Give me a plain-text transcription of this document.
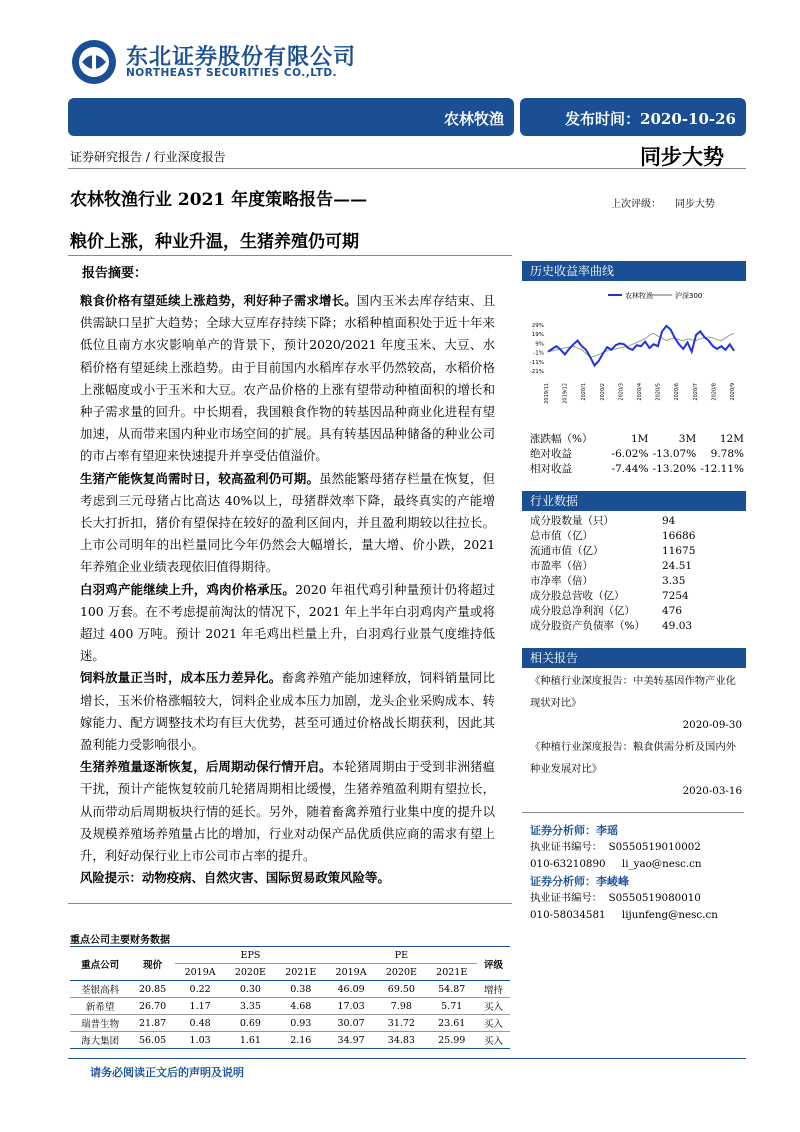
东北证券股份有限公司
NORTHEAST SECURITIES CO.,LTD.
农林牧渔	发布时间：2020-10-26
证券研究报告 / 行业深度报告	同步大势
农林牧渔行业 2021 年度策略报告——
粮价上涨，种业升温，生猪养殖仍可期
上次评级： 同步大势
报告摘要：

粮食价格有望延续上涨趋势，利好种子需求增长。国内玉米去库存结束、且供需缺口呈扩大趋势；全球大豆库存持续下降；水稻种植面积处于近十年来低位且南方水灾影响单产的背景下，预计2020/2021 年度玉米、大豆、水稻价格有望延续上涨趋势。由于目前国内水稻库存水平仍然较高，水稻价格上涨幅度或小于玉米和大豆。农产品价格的上涨有望带动种植面积的增长和种子需求量的回升。中长期看，我国粮食作物的转基因品种商业化进程有望加速，从而带来国内种业市场空间的扩展。具有转基因品种储备的种业公司的市占率有望迎来快速提升并享受估值溢价。

生猪产能恢复尚需时日，较高盈利仍可期。虽然能繁母猪存栏量在恢复，但考虑到三元母猪占比高达 40%以上，母猪群效率下降，最终真实的产能增长大打折扣，猪价有望保持在较好的盈利区间内，并且盈利期较以往拉长。上市公司明年的出栏量同比今年仍然会大幅增长，量大增、价小跌，2021 年养殖企业业绩表现依旧值得期待。

白羽鸡产能继续上升，鸡肉价格承压。2020 年祖代鸡引种量预计仍将超过 100 万套。在不考虑提前淘汰的情况下，2021 年上半年白羽鸡肉产量或将超过 400 万吨。预计 2021 年毛鸡出栏量上升，白羽鸡行业景气度维持低迷。

饲料放量正当时，成本压力差异化。畜禽养殖产能加速释放，饲料销量同比增长，玉米价格涨幅较大，饲料企业成本压力加剧，龙头企业采购成本、转嫁能力、配方调整技术均有巨大优势，甚至可通过价格战长期获利，因此其盈利能力受影响很小。

生猪养殖量逐渐恢复，后周期动保行情开启。本轮猪周期由于受到非洲猪瘟干扰，预计产能恢复较前几轮猪周期相比缓慢，生猪养殖盈利期有望拉长，从而带动后周期板块行情的延长。另外，随着畜禽养殖行业集中度的提升以及规模养殖场养殖量占比的增加，行业对动保产品优质供应商的需求有望上升，利好动保行业上市公司市占率的提升。

风险提示：动物疫病、自然灾害、国际贸易政策风险等。

历史收益率曲线
农林牧渔	沪深300
29%
19%
9%
-1%
-11%
-21%
2019/11	2019/12	2020/1	2020/2	2020/3	2020/4	2020/5	2020/6	2020/7	2020/8	2020/9
涨跌幅（%）	1M	3M	12M
绝对收益	-6.02%	-13.07%	9.78%
相对收益	-7.44%	-13.20%	-12.11%
行业数据
成分股数量（只）	94
总市值（亿）	16686
流通市值（亿）	11675
市盈率（倍）	24.51
市净率（倍）	3.35
成分股总营收（亿）	7254
成分股总净利润（亿）	476
成分股资产负债率（%）	49.03
相关报告
《种植行业深度报告：中美转基因作物产业化现状对比》
2020-09-30
《种植行业深度报告：粮食供需分析及国内外种业发展对比》
2020-03-16
证券分析师：李瑶
执业证书编号： S0550519010002
010-63210890 li_yao@nesc.cn
证券分析师：李崚峰
执业证书编号： S0550519080010
010-58034581 lijunfeng@nesc.cn
重点公司主要财务数据
重点公司	现价	EPS			PE			评级
		2019A	2020E	2021E	2019A	2020E	2021E	
荃银高科	20.85	0.22	0.30	0.38	46.09	69.50	54.87	增持
新希望	26.70	1.17	3.35	4.68	17.03	7.98	5.71	买入
瑞普生物	21.87	0.48	0.69	0.93	30.07	31.72	23.61	买入
海大集团	56.05	1.03	1.61	2.16	34.97	34.83	25.99	买入
请务必阅读正文后的声明及说明
